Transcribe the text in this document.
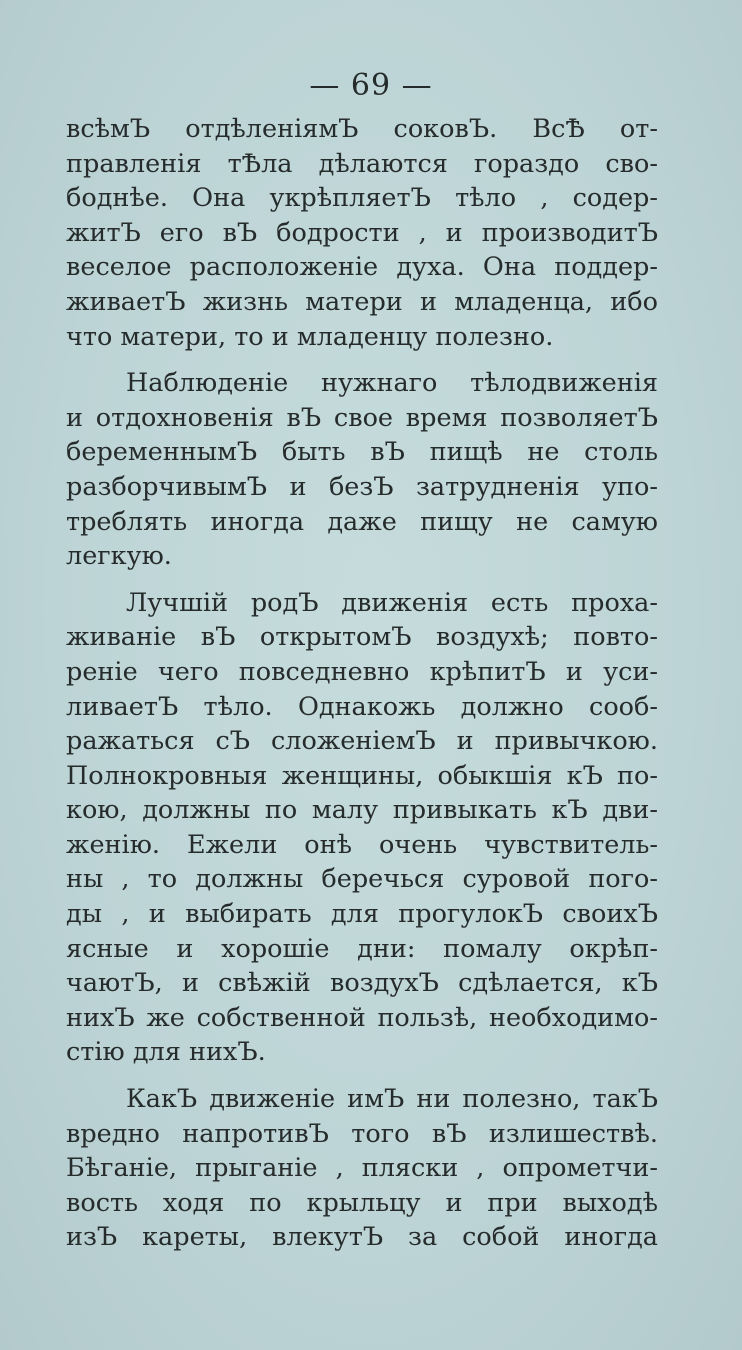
— 69 —

всѣмЪ отдѣленіямЪ соковЪ. ВсѢ от-
правленія тѢла дѣлаются гораздо сво-
боднѣе. Она укрѣпляетЪ тѣло , содер-
житЪ его вЪ бодрости , и производитЪ
веселое расположеніе духа. Она поддер-
живаетЪ жизнь матери и младенца, ибо
что матери, то и младенцу полезно.

Наблюденіе нужнаго тѣлодвиженія
и отдохновенія вЪ свое время позволяетЪ
беременнымЪ быть вЪ пищѣ не столь
разборчивымЪ и безЪ затрудненія упо-
треблять иногда даже пищу не самую
легкую.

Лучшій родЪ движенія есть проха-
живаніе вЪ открытомЪ воздухѣ; повто-
реніе чего повседневно крѣпитЪ и уси-
ливаетЪ тѣло. Однакожь должно сооб-
ражаться сЪ сложеніемЪ и привычкою.
Полнокровныя женщины, обыкшія кЪ по-
кою, должны по малу привыкать кЪ дви-
женію. Ежели онѣ очень чувствитель-
ны , то должны беречься суровой пого-
ды , и выбирать для прогулокЪ своихЪ
ясные и хорошіе дни: помалу окрѣп-
чаютЪ, и свѣжій воздухЪ сдѣлается, кЪ
нихЪ же собственной пользѣ, необходимо-
стію для нихЪ.

КакЪ движеніе имЪ ни полезно, такЪ
вредно напротивЪ того вЪ излишествѣ.
Бѣганіе, прыганіе , пляски , опрометчи-
вость ходя по крыльцу и при выходѣ
изЪ кареты, влекутЪ за собой иногда
